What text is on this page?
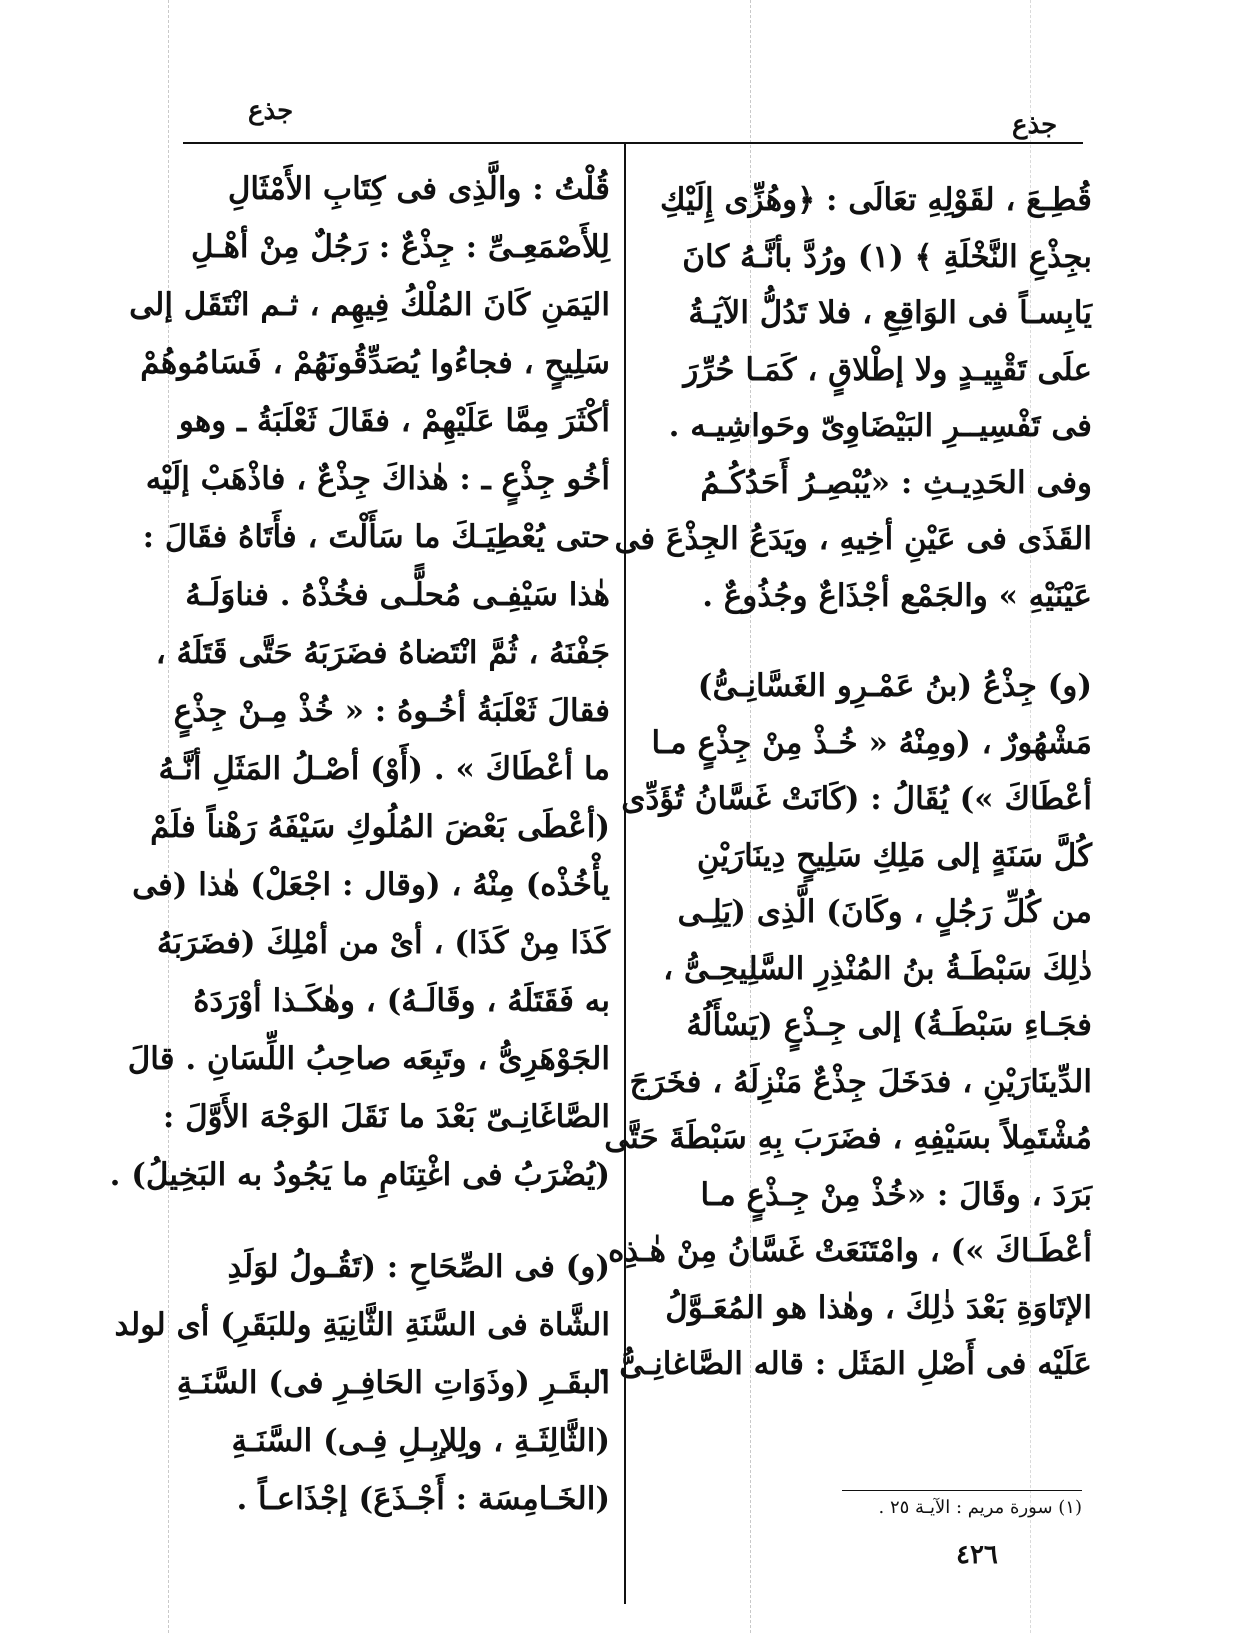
جذع	جذع
قُطِـعَ ، لقَوْلِهِ تعَالَى : ﴿وهُزِّى إِلَيْكِ
بجِذْعِ النَّخْلَةِ ﴾ (١) ورُدَّ بأنَّـهُ كانَ
يَابِسـاً فى الوَاقِعِ ، فلا تَدُلُّ الآيَـةُ
علَى تَقْيِيـدٍ ولا إطْلاقٍ ، كَمَـا حُرِّرَ
فى تَفْسِيــرِ البَيْضَاوِىّ وحَواشِيـه .
وفى الحَدِيـثِ : «يُبْصِـرُ أَحَدُكُـمُ
القَذَى فى عَيْنِ أخِيهِ ، ويَدَعُ الجِذْعَ فى
عَيْنَيْهِ » والجَمْع أجْذَاعٌ وجُذُوعٌ .
(و) جِذْعُ (بنُ عَمْـرِو الغَسَّانِـىُّ)
مَشْهُورٌ ، (ومِنْهُ « خُـذْ مِنْ جِذْعٍ مـا
أعْطَاكَ ») يُقَالُ : (كَانَتْ غَسَّانُ تُؤَدِّى
كُلَّ سَنَةٍ إلى مَلِكِ سَلِيحٍ دِينَارَيْنِ
من كُلِّ رَجُلٍ ، وكَانَ) الَّذِى (يَلِـى
ذٰلِكَ سَبْطَـةُ بنُ المُنْذِرِ السَّلِيحِـىُّ ،
فجَـاءِ سَبْطَـةُ) إلى جِـذْعٍ (يَسْأَلُهُ
الدِّينَارَيْنِ ، فدَخَلَ جِذْعٌ مَنْزِلَهُ ، فخَرَجَ
مُشْتَمِلاً بسَيْفِهِ ، فضَرَبَ بِهِ سَبْطَةَ حَتَّى
بَرَدَ ، وقَالَ : «خُذْ مِنْ جِـذْعٍ مـا
أعْطَـاكَ ») ، وامْتَنَعَتْ غَسَّانُ مِنْ هٰـذِه
الإتَاوَةِ بَعْدَ ذٰلِكَ ، وهٰذا هو المُعَـوَّلُ
عَلَيْه فى أَصْلِ المَثَل : قاله الصَّاغانِـىُّ .
قُلْتُ : والَّذِى فى كِتَابِ الأَمْثَالِ
لِلأَصْمَعِـىِّ : جِذْعٌ : رَجُلٌ مِنْ أهْـلِ
اليَمَنِ كَانَ المُلْكُ فِيهِم ، ثـم انْتَقَل إلى
سَلِيحٍ ، فجاءُوا يُصَدِّقُونَهُمْ ، فَسَامُوهُمْ
أكْثَرَ مِمَّا عَلَيْهِمْ ، فقَالَ ثَعْلَبَةُ ـ وهو
أخُو جِذْعٍ ـ : هٰذاكَ جِذْعٌ ، فاذْهَبْ إلَيْه
حتى يُعْطِيَـكَ ما سَأَلْتَ ، فأَتَاهُ فقَالَ :
هٰذا سَيْفِـى مُحلًّـى فخُذْهُ . فناوَلَـهُ
جَفْنَهُ ، ثُمَّ انْتَضاهُ فضَرَبَهُ حَتَّى قَتَلَهُ ،
فقالَ ثَعْلَبَةُ أخُـوهُ : « خُذْ مِـنْ جِذْعٍ
ما أعْطَاكَ » . (أَوْ) أصْـلُ المَثَلِ أنَّـهُ
(أعْطَى بَعْضَ المُلُوكِ سَيْفَهُ رَهْناً فلَمْ
يأْخُذْه) مِنْهُ ، (وقال : اجْعَلْ) هٰذا (فى
كَذَا مِنْ كَذَا) ، أىْ من أمْلِكَ (فضَرَبَهُ
به فَقَتَلَهُ ، وقَالَـهُ) ، وهٰكَـذا أوْرَدَهُ
الجَوْهَرِىُّ ، وتَبِعَه صاحِبُ اللِّسَانِ . قالَ
الصَّاغَانِـىّ بَعْدَ ما نَقَلَ الوَجْهَ الأَوَّلَ :
(يُضْرَبُ فى اغْتِنَامِ ما يَجُودُ به البَخِيلُ) .
(و) فى الصِّحَاحِ : (تَقُـولُ لوَلَدِ
الشَّاة فى السَّنَةِ الثَّانِيَةِ وللبَقَرِ) أى لولد
البقَـرِ (وذَوَاتِ الحَافِـرِ فى) السَّنَـةِ
(الثَّالِثَـةِ ، ولِلإبِـلِ فِـى) السَّنَـةِ
(الخَـامِسَة : أَجْـذَعَ) إجْذَاعـاً .	(١) سورة مريم : الآيـة ٢٥ .
٤٢٦
